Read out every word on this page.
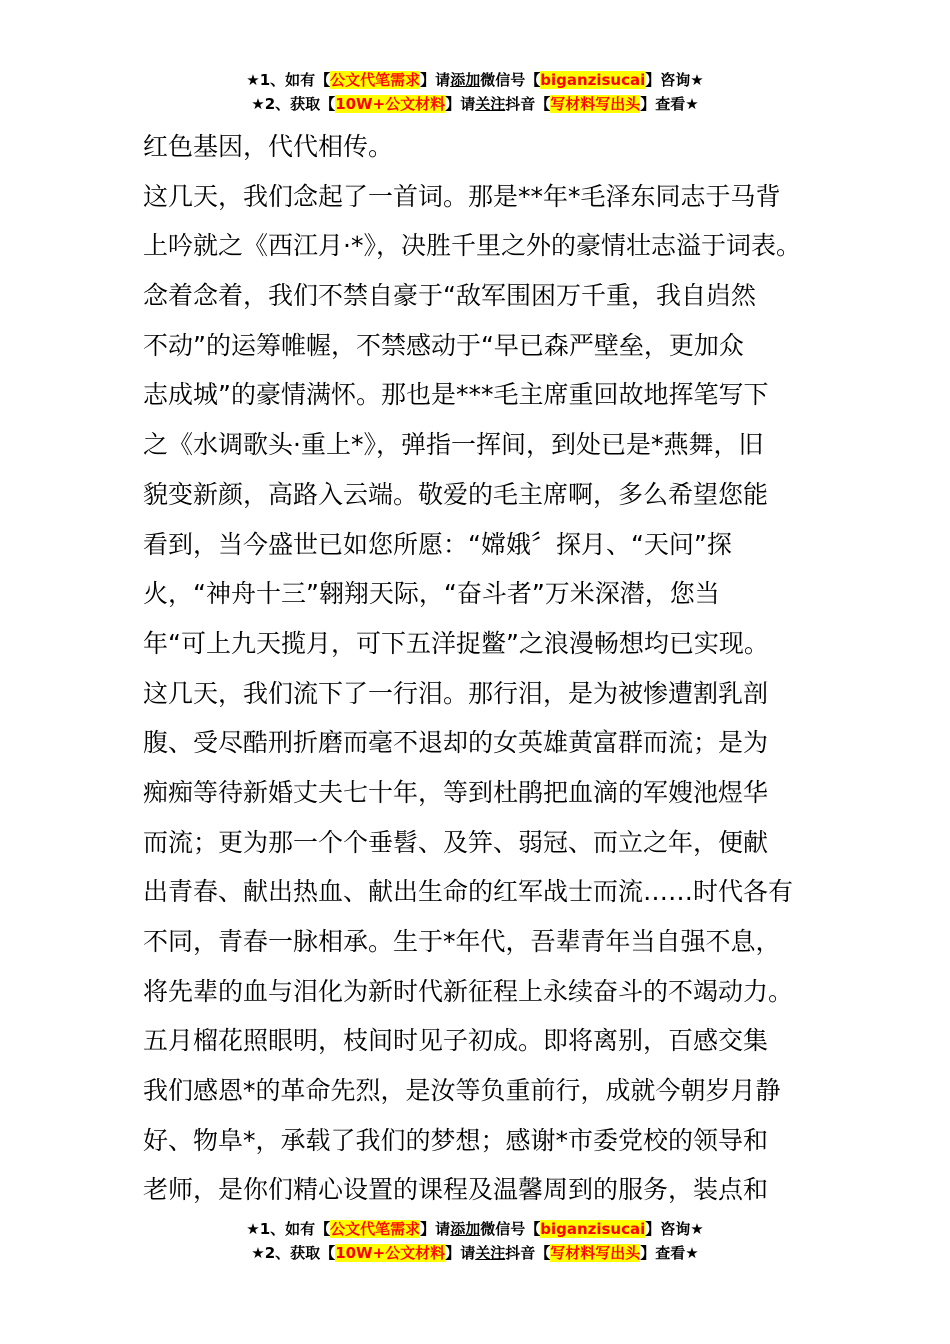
★1、如有【公文代笔需求】请添加微信号【biganzisucai】咨询★
★2、获取【10W+公文材料】请关注抖音【写材料写出头】查看★
红色基因，代代相传。
这几天，我们念起了一首词。那是**年*毛泽东同志于马背
上吟就之《西江月·*》，决胜千里之外的豪情壮志溢于词表。
念着念着，我们不禁自豪于“敌军围困万千重，我自岿然
不动”的运筹帷幄，不禁感动于“早已森严壁垒，更加众
志成城”的豪情满怀。那也是***毛主席重回故地挥笔写下
之《水调歌头·重上*》，弹指一挥间，到处已是*燕舞，旧
貌变新颜，高路入云端。敬爱的毛主席啊，多么希望您能
看到，当今盛世已如您所愿：“嫦娥〞探月、“天问”探
火，“神舟十三”翱翔天际，“奋斗者”万米深潜，您当
年“可上九天揽月，可下五洋捉鳖”之浪漫畅想均已实现。
这几天，我们流下了一行泪。那行泪，是为被惨遭割乳剖
腹、受尽酷刑折磨而毫不退却的女英雄黄富群而流；是为
痴痴等待新婚丈夫七十年，等到杜鹃把血滴的军嫂池煜华
而流；更为那一个个垂髫、及笄、弱冠、而立之年，便献
出青春、献出热血、献出生命的红军战士而流……时代各有
不同，青春一脉相承。生于*年代，吾辈青年当自强不息，
将先辈的血与泪化为新时代新征程上永续奋斗的不竭动力。
五月榴花照眼明，枝间时见子初成。即将离别，百感交集
我们感恩*的革命先烈，是汝等负重前行，成就今朝岁月静
好、物阜*，承载了我们的梦想；感谢*市委党校的领导和
老师，是你们精心设置的课程及温馨周到的服务，装点和
★1、如有【公文代笔需求】请添加微信号【biganzisucai】咨询★
★2、获取【10W+公文材料】请关注抖音【写材料写出头】查看★
